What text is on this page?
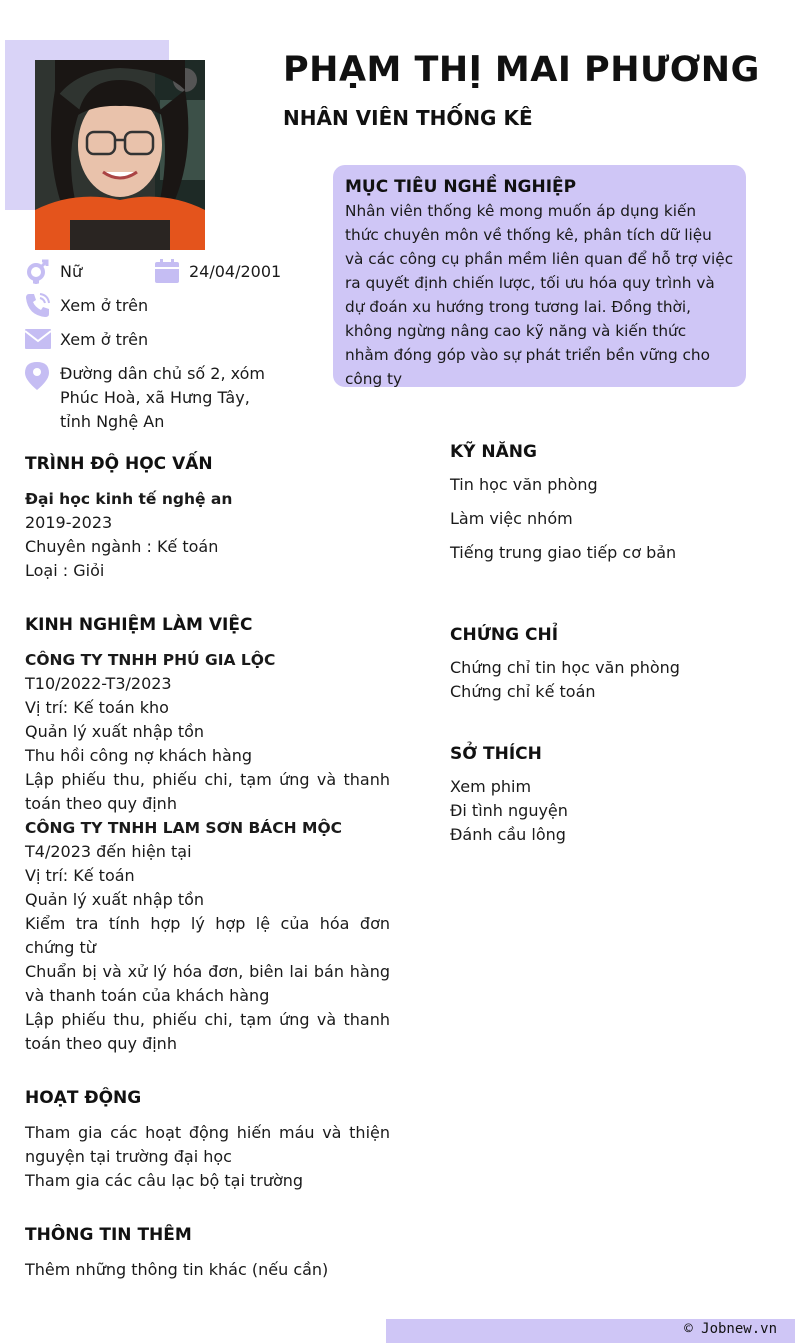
PHẠM THỊ MAI PHƯƠNG
NHÂN VIÊN THỐNG KÊ
MỤC TIÊU NGHỀ NGHIỆP

Nhân viên thống kê mong muốn áp dụng kiến thức chuyên môn về thống kê, phân tích dữ liệu và các công cụ phần mềm liên quan để hỗ trợ việc ra quyết định chiến lược, tối ưu hóa quy trình và dự đoán xu hướng trong tương lai. Đồng thời, không ngừng nâng cao kỹ năng và kiến thức nhằm đóng góp vào sự phát triển bền vững cho công ty

Nữ	24/04/2001
Xem ở trên
Xem ở trên
Đường dân chủ số 2, xóm Phúc Hoà, xã Hưng Tây, tỉnh Nghệ An
TRÌNH ĐỘ HỌC VẤN
Đại học kinh tế nghệ an
2019-2023
Chuyên ngành : Kế toán
Loại : Giỏi
KINH NGHIỆM LÀM VIỆC
CÔNG TY TNHH PHÚ GIA LỘC
T10/2022-T3/2023
Vị trí: Kế toán kho
Quản lý xuất nhập tồn
Thu hồi công nợ khách hàng
Lập phiếu thu, phiếu chi, tạm ứng và thanh toán theo quy định
CÔNG TY TNHH LAM SƠN BÁCH MỘC
T4/2023 đến hiện tại
Vị trí: Kế toán
Quản lý xuất nhập tồn
Kiểm tra tính hợp lý hợp lệ của hóa đơn chứng từ
Chuẩn bị và xử lý hóa đơn, biên lai bán hàng và thanh toán của khách hàng
Lập phiếu thu, phiếu chi, tạm ứng và thanh toán theo quy định
HOẠT ĐỘNG
Tham gia các hoạt động hiến máu và thiện nguyện tại trường đại học
Tham gia các câu lạc bộ tại trường
THÔNG TIN THÊM
Thêm những thông tin khác (nếu cần)
KỸ NĂNG
Tin học văn phòng
Làm việc nhóm
Tiếng trung giao tiếp cơ bản
CHỨNG CHỈ
Chứng chỉ tin học văn phòng
Chứng chỉ kế toán
SỞ THÍCH
Xem phim
Đi tình nguyện
Đánh cầu lông
© Jobnew.vn
